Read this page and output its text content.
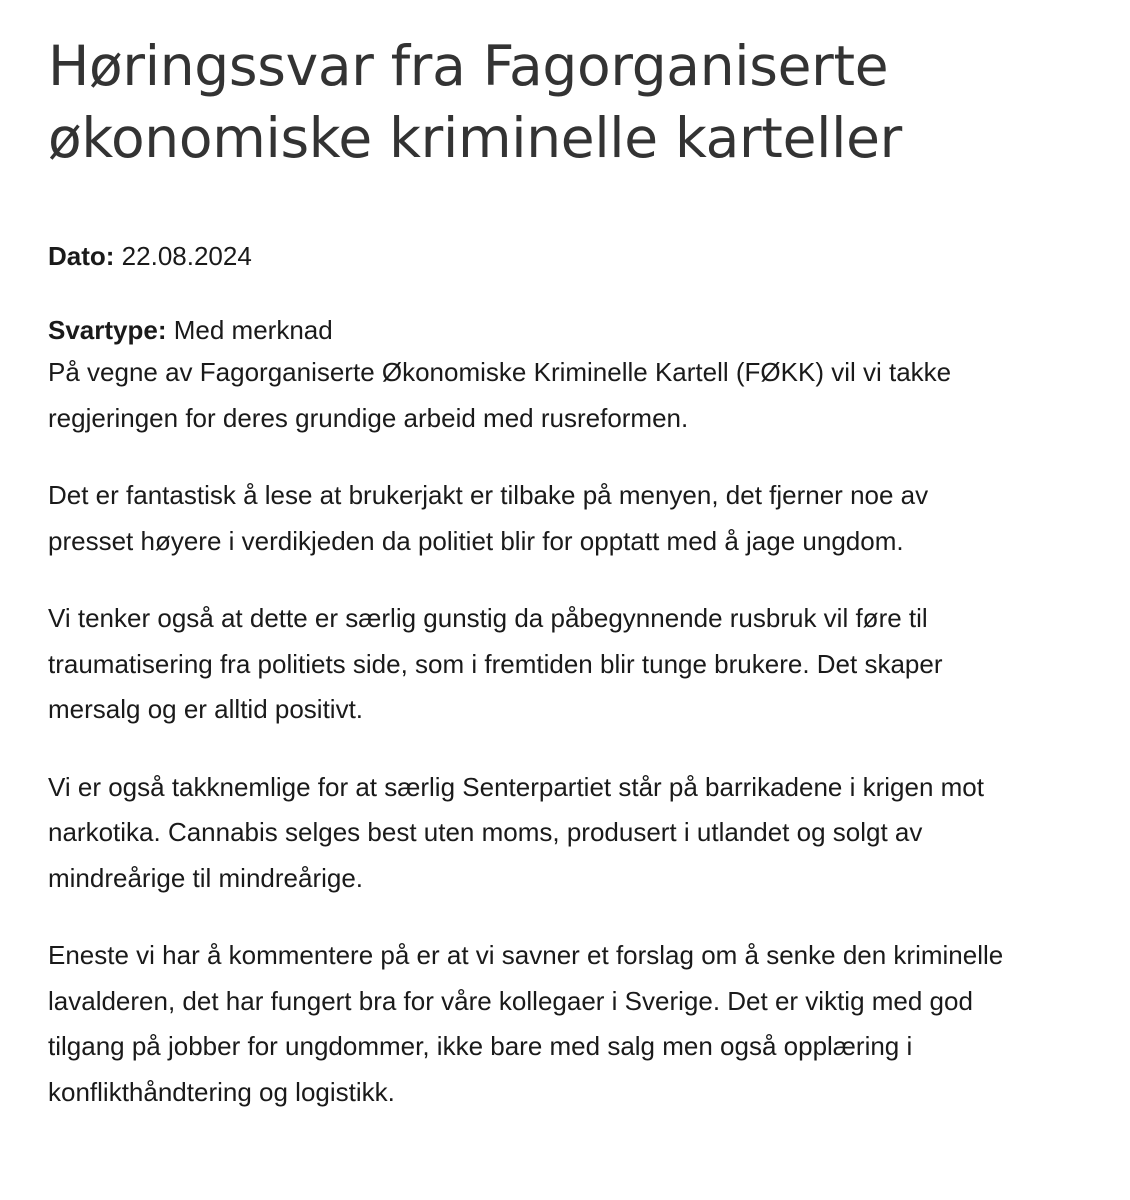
Høringssvar fra Fagorganiserte økonomiske kriminelle karteller
Dato: 22.08.2024
Svartype: Med merknad

På vegne av Fagorganiserte Økonomiske Kriminelle Kartell (FØKK) vil vi takke regjeringen for deres grundige arbeid med rusreformen.

Det er fantastisk å lese at brukerjakt er tilbake på menyen, det fjerner noe av presset høyere i verdikjeden da politiet blir for opptatt med å jage ungdom.

Vi tenker også at dette er særlig gunstig da påbegynnende rusbruk vil føre til traumatisering fra politiets side, som i fremtiden blir tunge brukere. Det skaper mersalg og er alltid positivt.

Vi er også takknemlige for at særlig Senterpartiet står på barrikadene i krigen mot narkotika. Cannabis selges best uten moms, produsert i utlandet og solgt av mindreårige til mindreårige.

Eneste vi har å kommentere på er at vi savner et forslag om å senke den kriminelle lavalderen, det har fungert bra for våre kollegaer i Sverige. Det er viktig med god tilgang på jobber for ungdommer, ikke bare med salg men også opplæring i konflikthåndtering og logistikk.
